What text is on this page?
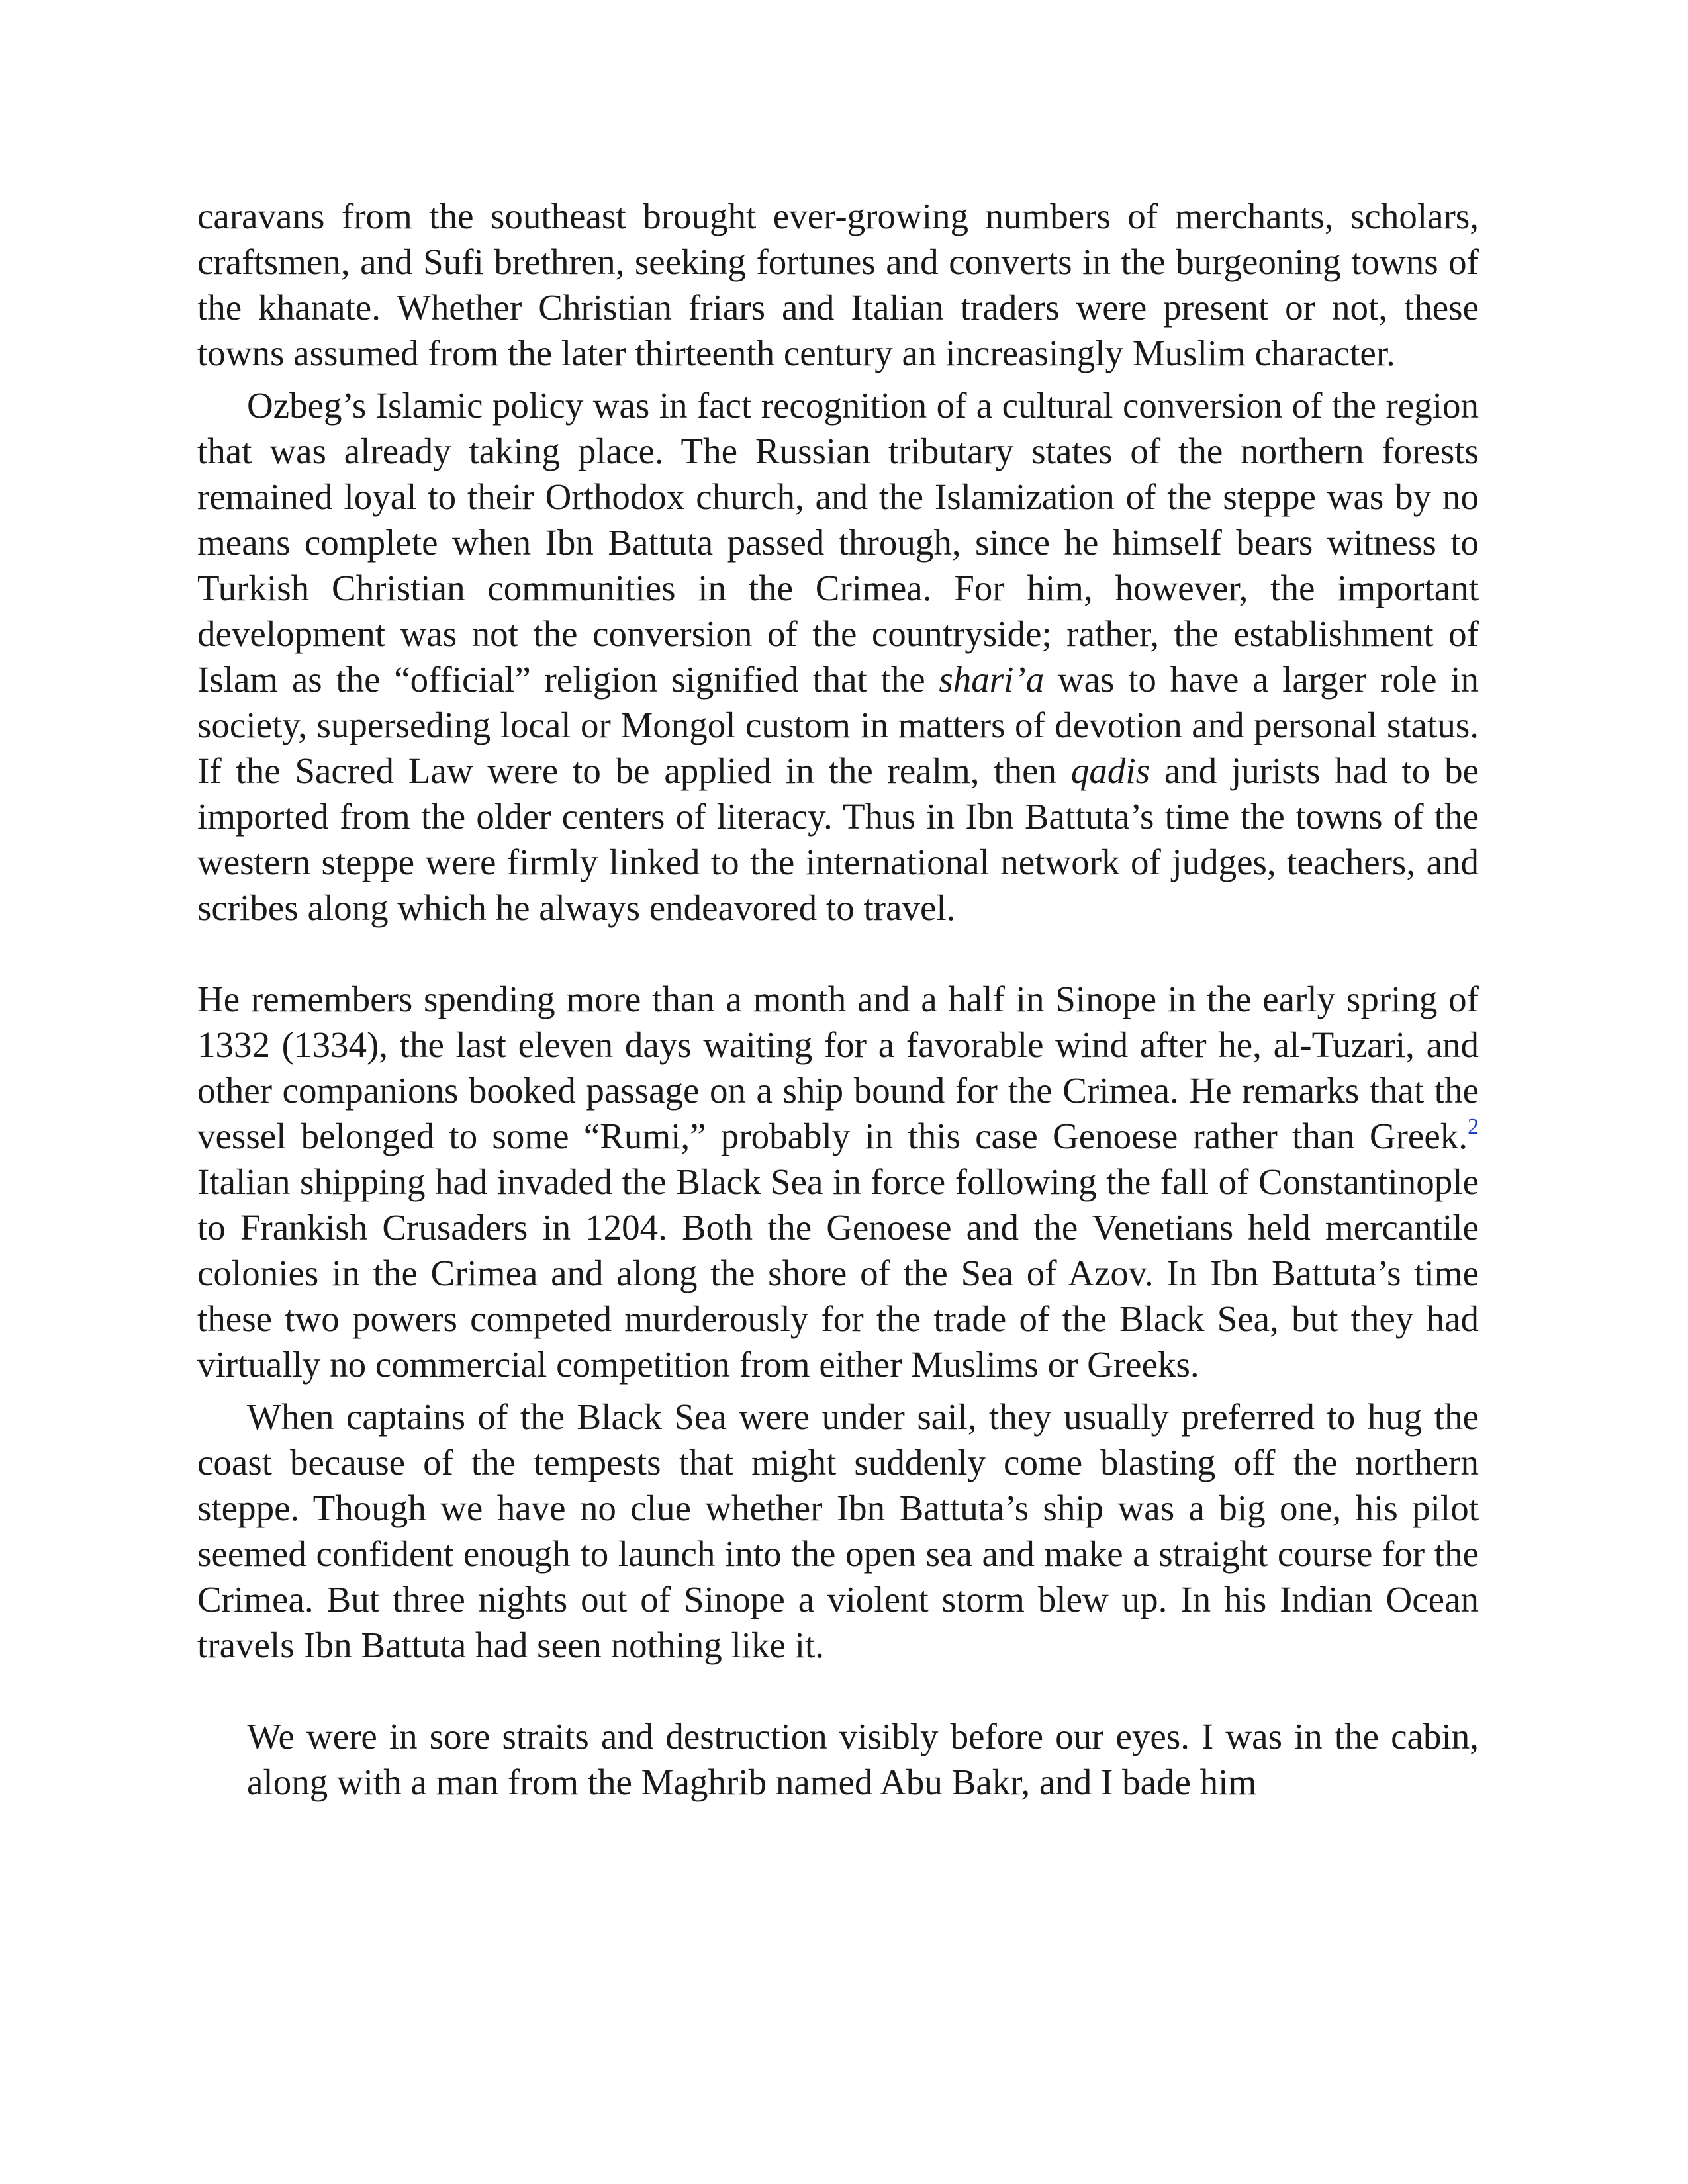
caravans from the southeast brought ever-growing numbers of merchants, scholars, craftsmen, and Sufi brethren, seeking fortunes and converts in the burgeoning towns of the khanate. Whether Christian friars and Italian traders were present or not, these towns assumed from the later thirteenth century an increasingly Muslim character.

Ozbeg’s Islamic policy was in fact recognition of a cultural conversion of the region that was already taking place. The Russian tributary states of the northern forests remained loyal to their Orthodox church, and the Islamization of the steppe was by no means complete when Ibn Battuta passed through, since he himself bears witness to Turkish Christian communities in the Crimea. For him, however, the important development was not the conversion of the countryside; rather, the establishment of Islam as the “official” religion signified that the shari’a was to have a larger role in society, superseding local or Mongol custom in matters of devotion and personal status. If the Sacred Law were to be applied in the realm, then qadis and jurists had to be imported from the older centers of literacy. Thus in Ibn Battuta’s time the towns of the western steppe were firmly linked to the international network of judges, teachers, and scribes along which he always endeavored to travel.

He remembers spending more than a month and a half in Sinope in the early spring of 1332 (1334), the last eleven days waiting for a favorable wind after he, al-Tuzari, and other companions booked passage on a ship bound for the Crimea. He remarks that the vessel belonged to some “Rumi,” probably in this case Genoese rather than Greek.$^2$ Italian shipping had invaded the Black Sea in force following the fall of Constantinople to Frankish Crusaders in 1204. Both the Genoese and the Venetians held mercantile colonies in the Crimea and along the shore of the Sea of Azov. In Ibn Battuta’s time these two powers competed murderously for the trade of the Black Sea, but they had virtually no commercial competition from either Muslims or Greeks.

When captains of the Black Sea were under sail, they usually preferred to hug the coast because of the tempests that might suddenly come blasting off the northern steppe. Though we have no clue whether Ibn Battuta’s ship was a big one, his pilot seemed confident enough to launch into the open sea and make a straight course for the Crimea. But three nights out of Sinope a violent storm blew up. In his Indian Ocean travels Ibn Battuta had seen nothing like it.

We were in sore straits and destruction visibly before our eyes. I was in the cabin, along with a man from the Maghrib named Abu Bakr, and I bade him
